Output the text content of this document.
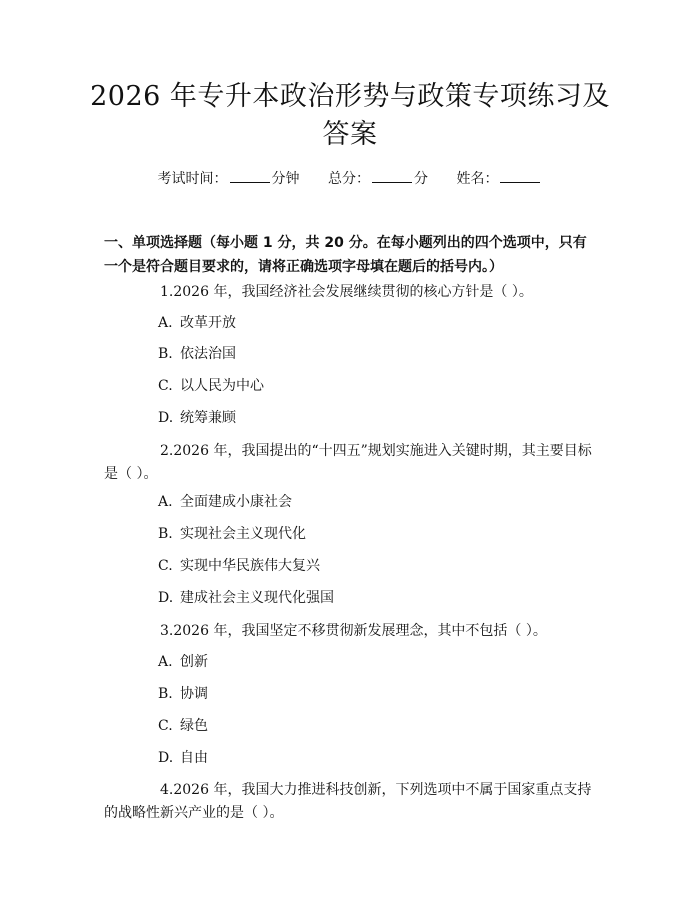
2026 年专升本政治形势与政策专项练习及答案
考试时间：	分钟 总分：	分 姓名：

一、单项选择题（每小题 1 分，共 20 分。在每小题列出的四个选项中，只有一个是符合题目要求的，请将正确选项字母填在题后的括号内。）

1.2026 年，我国经济社会发展继续贯彻的核心方针是（ ）。

A. 改革开放
B. 依法治国
C. 以人民为中心
D. 统筹兼顾

2.2026 年，我国提出的“十四五”规划实施进入关键时期，其主要目标是（ ）。

A. 全面建成小康社会
B. 实现社会主义现代化
C. 实现中华民族伟大复兴
D. 建成社会主义现代化强国

3.2026 年，我国坚定不移贯彻新发展理念，其中不包括（ ）。

A. 创新
B. 协调
C. 绿色
D. 自由

4.2026 年，我国大力推进科技创新，下列选项中不属于国家重点支持的战略性新兴产业的是（ ）。
